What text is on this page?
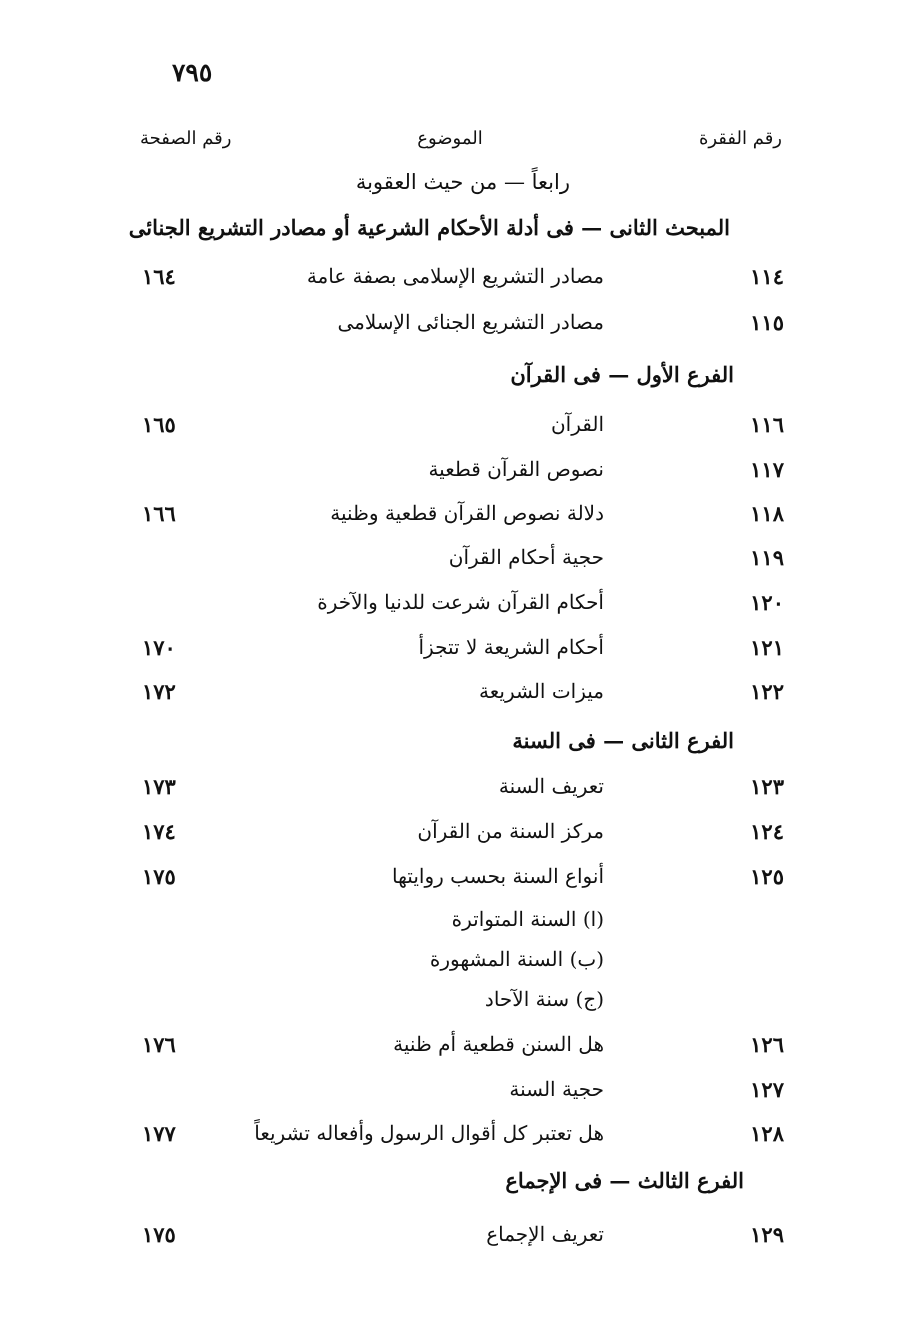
٧٩٥
رقم الفقرة
الموضوع
رقم الصفحة
رابعاً — من حيث العقوبة
المبحث الثانى — فى أدلة الأحكام الشرعية أو مصادر التشريع الجنائى
١١٤
مصادر التشريع الإسلامى بصفة عامة
١٦٤
١١٥
مصادر التشريع الجنائى الإسلامى
الفرع الأول — فى القرآن
١١٦
القرآن
١٦٥
١١٧
نصوص القرآن قطعية
١١٨
دلالة نصوص القرآن قطعية وظنية
١٦٦
١١٩
حجية أحكام القرآن
١٢٠
أحكام القرآن شرعت للدنيا والآخرة
١٢١
أحكام الشريعة لا تتجزأ
١٧٠
١٢٢
ميزات الشريعة
١٧٢
الفرع الثانى — فى السنة
١٢٣
تعريف السنة
١٧٣
١٢٤
مركز السنة من القرآن
١٧٤
١٢٥
أنواع السنة بحسب روايتها
١٧٥
(ا) السنة المتواترة
(ب) السنة المشهورة
(ج) سنة الآحاد
١٢٦
هل السنن قطعية أم ظنية
١٧٦
١٢٧
حجية السنة
١٢٨
هل تعتبر كل أقوال الرسول وأفعاله تشريعاً
١٧٧
الفرع الثالث — فى الإجماع
١٢٩
تعريف الإجماع
١٧٥
